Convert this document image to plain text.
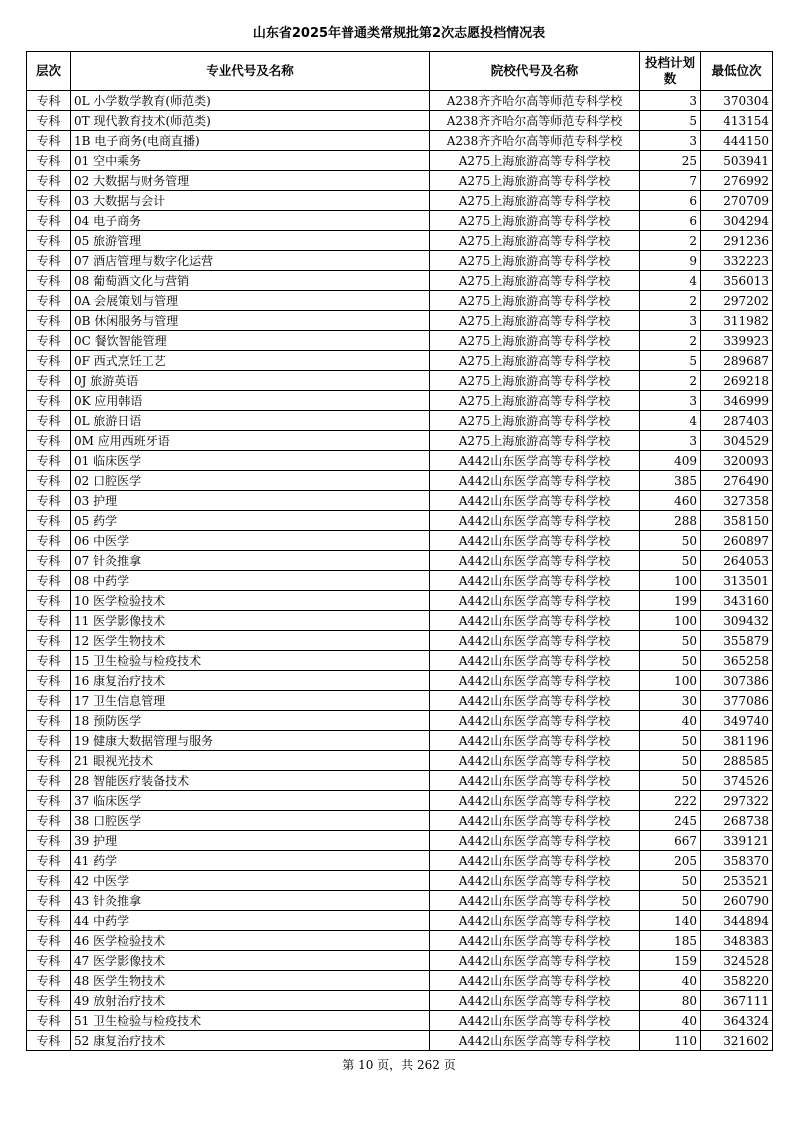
山东省2025年普通类常规批第2次志愿投档情况表
层次	专业代号及名称	院校代号及名称	投档计划数	最低位次
专科	0L 小学数学教育(师范类)	A238齐齐哈尔高等师范专科学校	3	370304
专科	0T 现代教育技术(师范类)	A238齐齐哈尔高等师范专科学校	5	413154
专科	1B 电子商务(电商直播)	A238齐齐哈尔高等师范专科学校	3	444150
专科	01 空中乘务	A275上海旅游高等专科学校	25	503941
专科	02 大数据与财务管理	A275上海旅游高等专科学校	7	276992
专科	03 大数据与会计	A275上海旅游高等专科学校	6	270709
专科	04 电子商务	A275上海旅游高等专科学校	6	304294
专科	05 旅游管理	A275上海旅游高等专科学校	2	291236
专科	07 酒店管理与数字化运营	A275上海旅游高等专科学校	9	332223
专科	08 葡萄酒文化与营销	A275上海旅游高等专科学校	4	356013
专科	0A 会展策划与管理	A275上海旅游高等专科学校	2	297202
专科	0B 休闲服务与管理	A275上海旅游高等专科学校	3	311982
专科	0C 餐饮智能管理	A275上海旅游高等专科学校	2	339923
专科	0F 西式烹饪工艺	A275上海旅游高等专科学校	5	289687
专科	0J 旅游英语	A275上海旅游高等专科学校	2	269218
专科	0K 应用韩语	A275上海旅游高等专科学校	3	346999
专科	0L 旅游日语	A275上海旅游高等专科学校	4	287403
专科	0M 应用西班牙语	A275上海旅游高等专科学校	3	304529
专科	01 临床医学	A442山东医学高等专科学校	409	320093
专科	02 口腔医学	A442山东医学高等专科学校	385	276490
专科	03 护理	A442山东医学高等专科学校	460	327358
专科	05 药学	A442山东医学高等专科学校	288	358150
专科	06 中医学	A442山东医学高等专科学校	50	260897
专科	07 针灸推拿	A442山东医学高等专科学校	50	264053
专科	08 中药学	A442山东医学高等专科学校	100	313501
专科	10 医学检验技术	A442山东医学高等专科学校	199	343160
专科	11 医学影像技术	A442山东医学高等专科学校	100	309432
专科	12 医学生物技术	A442山东医学高等专科学校	50	355879
专科	15 卫生检验与检疫技术	A442山东医学高等专科学校	50	365258
专科	16 康复治疗技术	A442山东医学高等专科学校	100	307386
专科	17 卫生信息管理	A442山东医学高等专科学校	30	377086
专科	18 预防医学	A442山东医学高等专科学校	40	349740
专科	19 健康大数据管理与服务	A442山东医学高等专科学校	50	381196
专科	21 眼视光技术	A442山东医学高等专科学校	50	288585
专科	28 智能医疗装备技术	A442山东医学高等专科学校	50	374526
专科	37 临床医学	A442山东医学高等专科学校	222	297322
专科	38 口腔医学	A442山东医学高等专科学校	245	268738
专科	39 护理	A442山东医学高等专科学校	667	339121
专科	41 药学	A442山东医学高等专科学校	205	358370
专科	42 中医学	A442山东医学高等专科学校	50	253521
专科	43 针灸推拿	A442山东医学高等专科学校	50	260790
专科	44 中药学	A442山东医学高等专科学校	140	344894
专科	46 医学检验技术	A442山东医学高等专科学校	185	348383
专科	47 医学影像技术	A442山东医学高等专科学校	159	324528
专科	48 医学生物技术	A442山东医学高等专科学校	40	358220
专科	49 放射治疗技术	A442山东医学高等专科学校	80	367111
专科	51 卫生检验与检疫技术	A442山东医学高等专科学校	40	364324
专科	52 康复治疗技术	A442山东医学高等专科学校	110	321602
第 10 页，共 262 页
